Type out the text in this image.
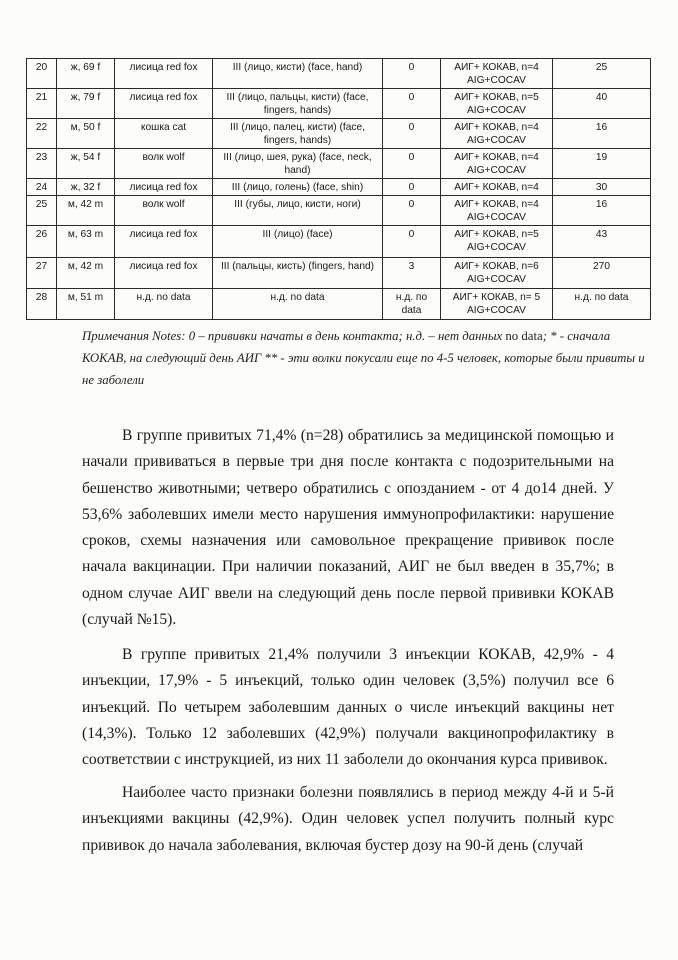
20	ж, 69 f	лисица red fox	III (лицо, кисти) (face, hand)	0	АИГ+ КОКАВ, n=4 AIG+COCAV	25
21	ж, 79 f	лисица red fox	III (лицо, пальцы, кисти) (face, fingers, hands)	0	АИГ+ КОКАВ, n=5 AIG+COCAV	40
22	м, 50 f	кошка cat	III (лицо, палец, кисти) (face, fingers, hands)	0	АИГ+ КОКАВ, n=4 AIG+COCAV	16
23	ж, 54 f	волк wolf	III (лицо, шея, рука) (face, neck, hand)	0	АИГ+ КОКАВ, n=4 AIG+COCAV	19
24	ж, 32 f	лисица red fox	III (лицо, голень) (face, shin)	0	АИГ+ КОКАВ, n=4	30
25	м, 42 m	волк wolf	III (губы, лицо, кисти, ноги)	0	АИГ+ КОКАВ, n=4 AIG+COCAV	16
26	м, 63 m	лисица red fox	III (лицо) (face)	0	АИГ+ КОКАВ, n=5 AIG+COCAV	43
27	м, 42 m	лисица red fox	III (пальцы, кисть) (fingers, hand)	3	АИГ+ КОКАВ, n=6 AIG+COCAV	270
28	м, 51 m	н.д. no data	н.д. no data	н.д. по data	АИГ+ КОКАВ, n= 5 AIG+COCAV	н.д. по data
Примечания Notes: 0 – прививки начаты в день контакта; н.д. – нет данных no data; * - сначала КОКАВ, на следующий день АИГ ** - эти волки покусали еще по 4-5 человек, которые были привиты и не заболели

В группе привитых 71,4% (n=28) обратились за медицинской помощью и начали прививаться в первые три дня после контакта с подозрительными на бешенство животными; четверо обратились с опозданием - от 4 до14 дней. У 53,6% заболевших имели место нарушения иммунопрофилактики: нарушение сроков, схемы назначения или самовольное прекращение прививок после начала вакцинации. При наличии показаний, АИГ не был введен в 35,7%; в одном случае АИГ ввели на следующий день после первой прививки КОКАВ (случай №15).

В группе привитых 21,4% получили 3 инъекции КОКАВ, 42,9% - 4 инъекции, 17,9% - 5 инъекций, только один человек (3,5%) получил все 6 инъекций. По четырем заболевшим данных о числе инъекций вакцины нет (14,3%). Только 12 заболевших (42,9%) получали вакцинопрофилактику в соответствии с инструкцией, из них 11 заболели до окончания курса прививок.

Наиболее часто признаки болезни появлялись в период между 4-й и 5-й инъекциями вакцины (42,9%). Один человек успел получить полный курс прививок до начала заболевания, включая бустер дозу на 90-й день (случай
